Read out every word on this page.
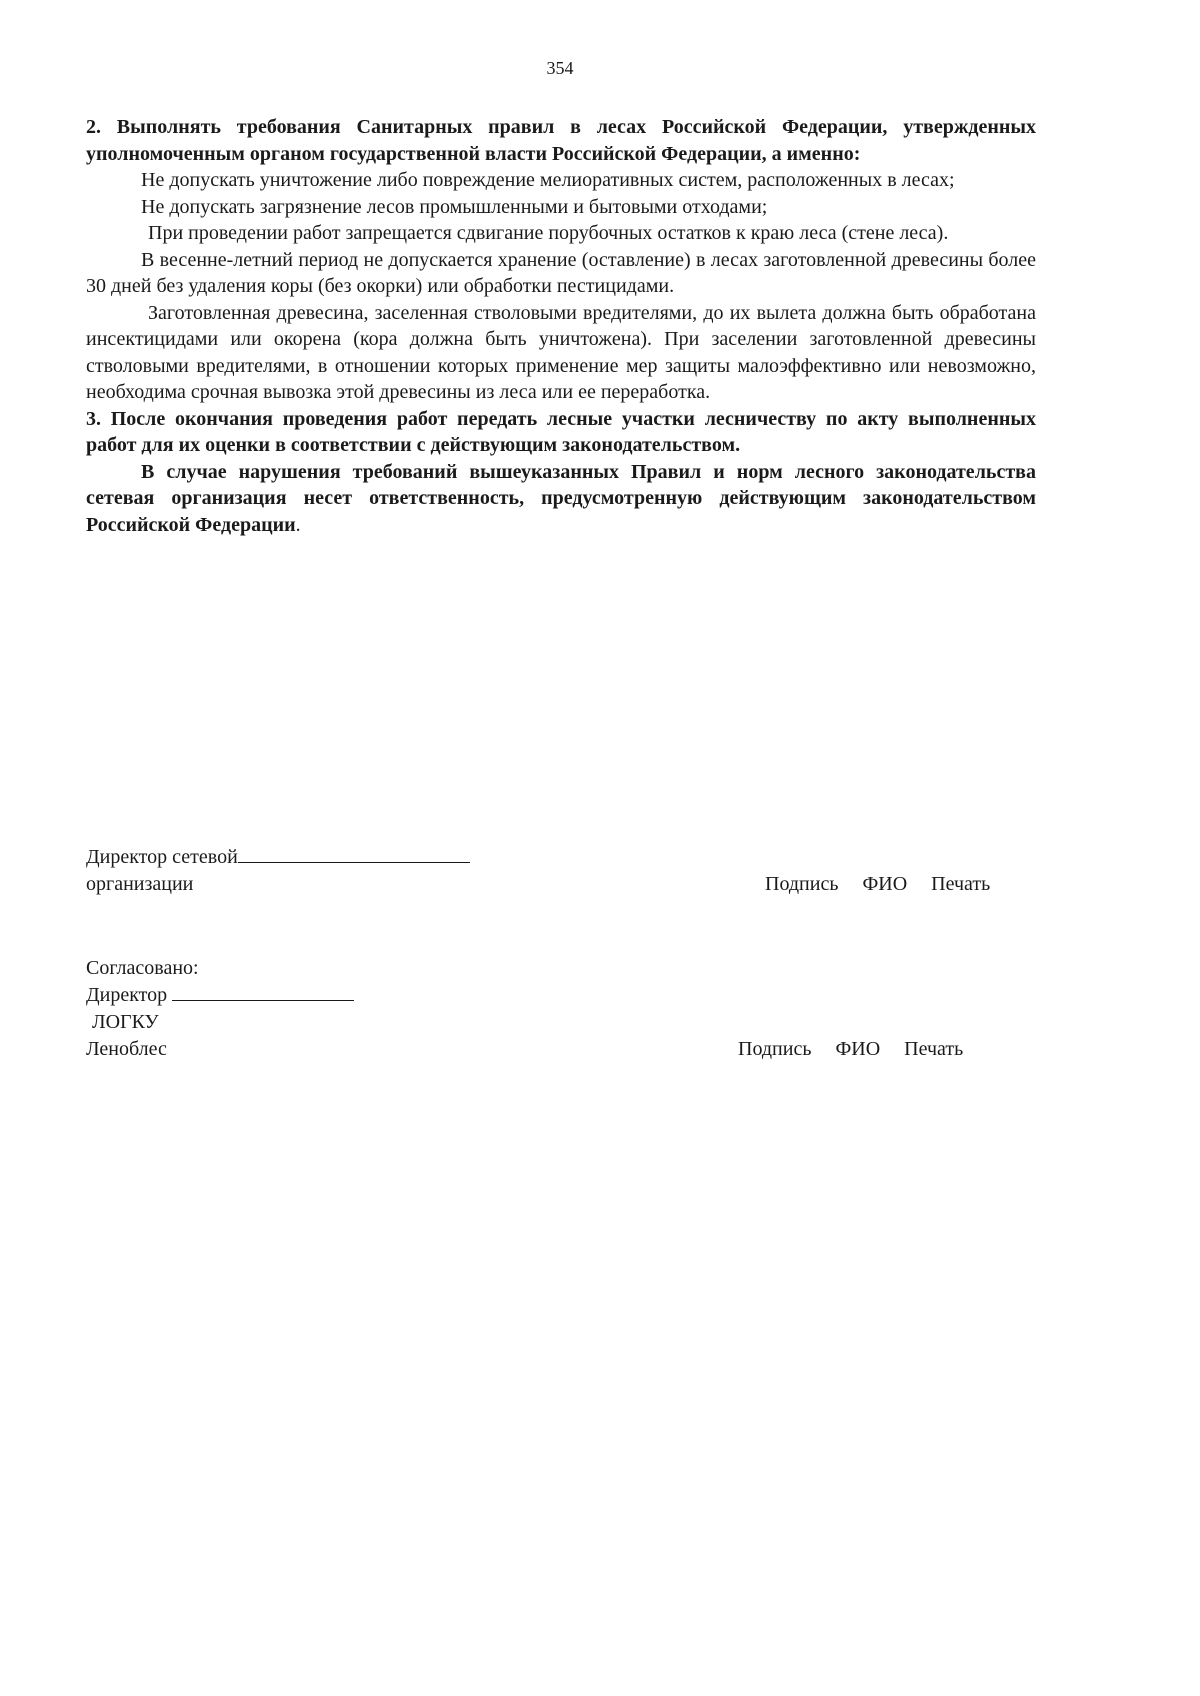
354

2. Выполнять требования Санитарных правил в лесах Российской Федерации, утвержденных уполномоченным органом государственной власти Российской Федерации, а именно:

Не допускать уничтожение либо повреждение мелиоративных систем, расположенных в лесах;

Не допускать загрязнение лесов промышленными и бытовыми отходами;

При проведении работ запрещается сдвигание порубочных остатков к краю леса (стене леса).

В весенне-летний период не допускается хранение (оставление) в лесах заготовленной древесины более 30 дней без удаления коры (без окорки) или обработки пестицидами.

Заготовленная древесина, заселенная стволовыми вредителями, до их вылета должна быть обработана инсектицидами или окорена (кора должна быть уничтожена). При заселении заготовленной древесины стволовыми вредителями, в отношении которых применение мер защиты малоэффективно или невозможно, необходима срочная вывозка этой древесины из леса или ее переработка.

3. После окончания проведения работ передать лесные участки лесничеству по акту выполненных работ для их оценки в соответствии с действующим законодательством.

В случае нарушения требований вышеуказанных Правил и норм лесного законодательства сетевая организация несет ответственность, предусмотренную действующим законодательством Российской Федерации.

Директор сетевой
организации	Подпись ФИО Печать
Согласовано:
Директор
ЛОГКУ
Леноблес	Подпись ФИО Печать
